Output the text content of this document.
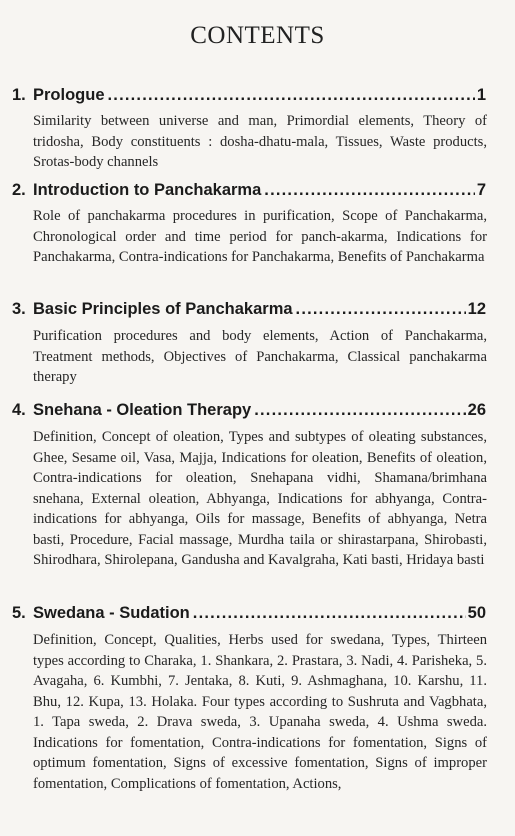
CONTENTS
1. Prologue .....	1
Similarity between universe and man, Primordial elements, Theory of tridosha, Body constituents : dosha-dhatu-mala, Tissues, Waste products, Srotas-body channels
2. Introduction to Panchakarma .....	7
Role of panchakarma procedures in purification, Scope of Panchakarma, Chronological order and time period for panch-akarma, Indications for Panchakarma, Contra-indications for Panchakarma, Benefits of Panchakarma
3. Basic Principles of Panchakarma .....	12
Purification procedures and body elements, Action of Panchakarma, Treatment methods, Objectives of Panchakarma, Classical panchakarma therapy
4. Snehana - Oleation Therapy .....	26
Definition, Concept of oleation, Types and subtypes of oleating substances, Ghee, Sesame oil, Vasa, Majja, Indications for oleation, Benefits of oleation, Contra-indications for oleation, Snehapana vidhi, Shamana/brimhana snehana, External oleation, Abhyanga, Indications for abhyanga, Contra-indications for abhyanga, Oils for massage, Benefits of abhyanga, Netra basti, Procedure, Facial massage, Murdha taila or shirastarpana, Shirobasti, Shirodhara, Shirolepana, Gandusha and Kavalgraha, Kati basti, Hridaya basti
5. Swedana - Sudation .....	50
Definition, Concept, Qualities, Herbs used for swedana, Types, Thirteen types according to Charaka, 1. Shankara, 2. Prastara, 3. Nadi, 4. Parisheka, 5. Avagaha, 6. Kumbhi, 7. Jentaka, 8. Kuti, 9. Ashmaghana, 10. Karshu, 11. Bhu, 12. Kupa, 13. Holaka. Four types according to Sushruta and Vagbhata, 1. Tapa sweda, 2. Drava sweda, 3. Upanaha sweda, 4. Ushma sweda. Indications for fomentation, Contra-indications for fomentation, Signs of optimum fomentation, Signs of excessive fomentation, Signs of improper fomentation, Complications of fomentation, Actions,
